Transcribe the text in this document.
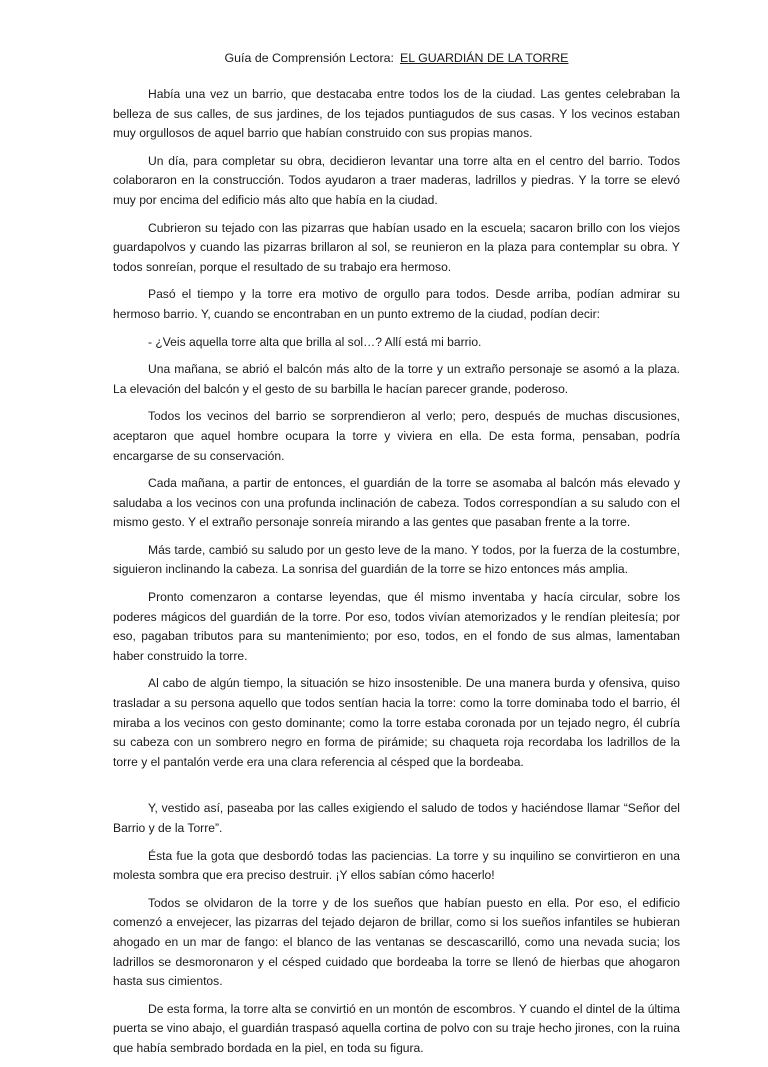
Guía de Comprensión Lectora: EL GUARDIÁN DE LA TORRE

Había una vez un barrio, que destacaba entre todos los de la ciudad. Las gentes celebraban la belleza de sus calles, de sus jardines, de los tejados puntiagudos de sus casas. Y los vecinos estaban muy orgullosos de aquel barrio que habían construido con sus propias manos.

Un día, para completar su obra, decidieron levantar una torre alta en el centro del barrio. Todos colaboraron en la construcción. Todos ayudaron a traer maderas, ladrillos y piedras. Y la torre se elevó muy por encima del edificio más alto que había en la ciudad.

Cubrieron su tejado con las pizarras que habían usado en la escuela; sacaron brillo con los viejos guardapolvos y cuando las pizarras brillaron al sol, se reunieron en la plaza para contemplar su obra. Y todos sonreían, porque el resultado de su trabajo era hermoso.

Pasó el tiempo y la torre era motivo de orgullo para todos. Desde arriba, podían admirar su hermoso barrio. Y, cuando se encontraban en un punto extremo de la ciudad, podían decir:

- ¿Veis aquella torre alta que brilla al sol…? Allí está mi barrio.

Una mañana, se abrió el balcón más alto de la torre y un extraño personaje se asomó a la plaza. La elevación del balcón y el gesto de su barbilla le hacían parecer grande, poderoso.

Todos los vecinos del barrio se sorprendieron al verlo; pero, después de muchas discusiones, aceptaron que aquel hombre ocupara la torre y viviera en ella. De esta forma, pensaban, podría encargarse de su conservación.

Cada mañana, a partir de entonces, el guardián de la torre se asomaba al balcón más elevado y saludaba a los vecinos con una profunda inclinación de cabeza. Todos correspondían a su saludo con el mismo gesto. Y el extraño personaje sonreía mirando a las gentes que pasaban frente a la torre.

Más tarde, cambió su saludo por un gesto leve de la mano. Y todos, por la fuerza de la costumbre, siguieron inclinando la cabeza. La sonrisa del guardián de la torre se hizo entonces más amplia.

Pronto comenzaron a contarse leyendas, que él mismo inventaba y hacía circular, sobre los poderes mágicos del guardián de la torre. Por eso, todos vivían atemorizados y le rendían pleitesía; por eso, pagaban tributos para su mantenimiento; por eso, todos, en el fondo de sus almas, lamentaban haber construido la torre.

Al cabo de algún tiempo, la situación se hizo insostenible. De una manera burda y ofensiva, quiso trasladar a su persona aquello que todos sentían hacia la torre: como la torre dominaba todo el barrio, él miraba a los vecinos con gesto dominante; como la torre estaba coronada por un tejado negro, él cubría su cabeza con un sombrero negro en forma de pirámide; su chaqueta roja recordaba los ladrillos de la torre y el pantalón verde era una clara referencia al césped que la bordeaba.

Y, vestido así, paseaba por las calles exigiendo el saludo de todos y haciéndose llamar “Señor del Barrio y de la Torre”.

Ésta fue la gota que desbordó todas las paciencias. La torre y su inquilino se convirtieron en una molesta sombra que era preciso destruir. ¡Y ellos sabían cómo hacerlo!

Todos se olvidaron de la torre y de los sueños que habían puesto en ella. Por eso, el edificio comenzó a envejecer, las pizarras del tejado dejaron de brillar, como si los sueños infantiles se hubieran ahogado en un mar de fango: el blanco de las ventanas se descascarilló, como una nevada sucia; los ladrillos se desmoronaron y el césped cuidado que bordeaba la torre se llenó de hierbas que ahogaron hasta sus cimientos.

De esta forma, la torre alta se convirtió en un montón de escombros. Y cuando el dintel de la última puerta se vino abajo, el guardián traspasó aquella cortina de polvo con su traje hecho jirones, con la ruina que había sembrado bordada en la piel, en toda su figura.
